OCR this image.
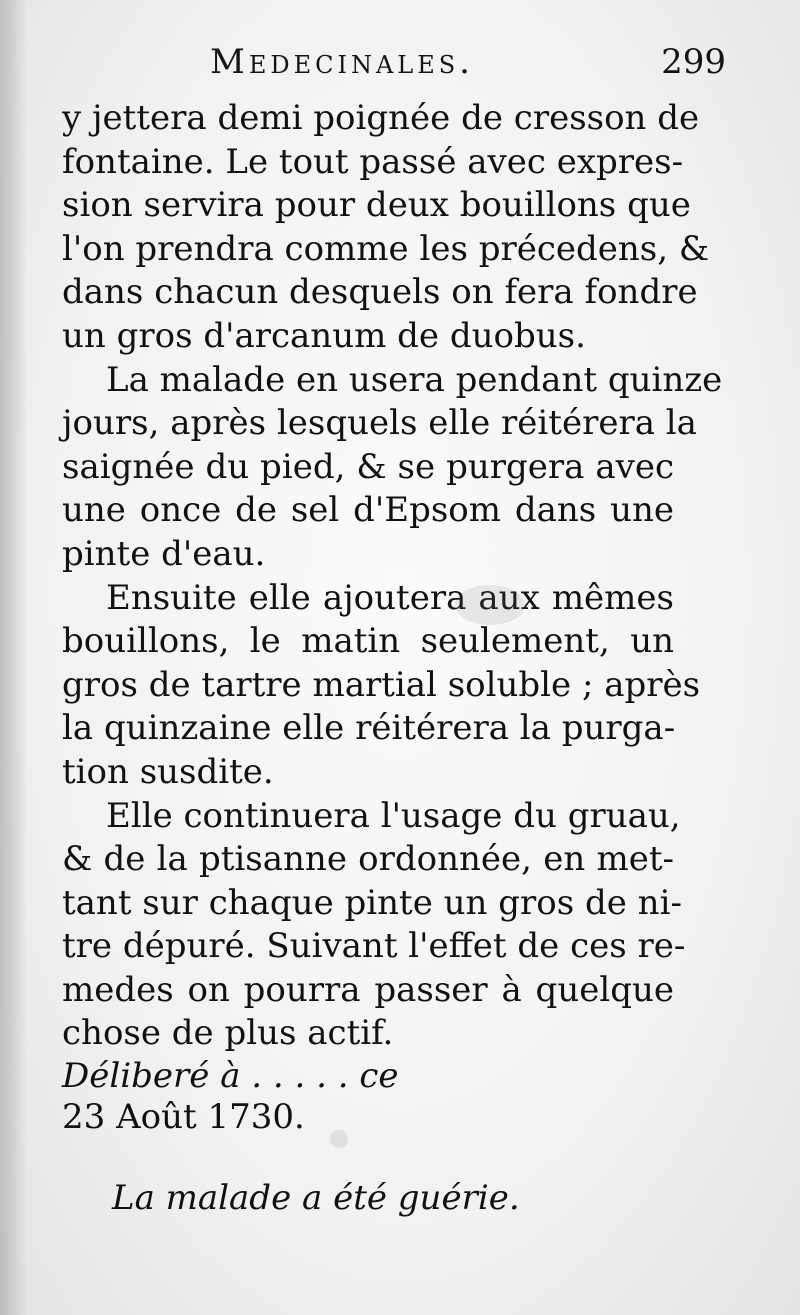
Medecinales.	299
y jettera demi poignée de cresson de
fontaine. Le tout passé avec expres-
sion servira pour deux bouillons que
l'on prendra comme les précedens, &
dans chacun desquels on fera fondre
un gros d'arcanum de duobus.
La malade en usera pendant quinze
jours, après lesquels elle réitérera la
saignée du pied, & se purgera avec
une once de sel d'Epsom dans une
pinte d'eau.
Ensuite elle ajoutera aux mêmes
bouillons, le matin seulement, un
gros de tartre martial soluble ; après
la quinzaine elle réitérera la purga-
tion susdite.
Elle continuera l'usage du gruau,
& de la ptisanne ordonnée, en met-
tant sur chaque pinte un gros de ni-
tre dépuré. Suivant l'effet de ces re-
medes on pourra passer à quelque
chose de plus actif.
Déliberé à . . . . . ce
23 Août 1730.
La malade a été guérie.
